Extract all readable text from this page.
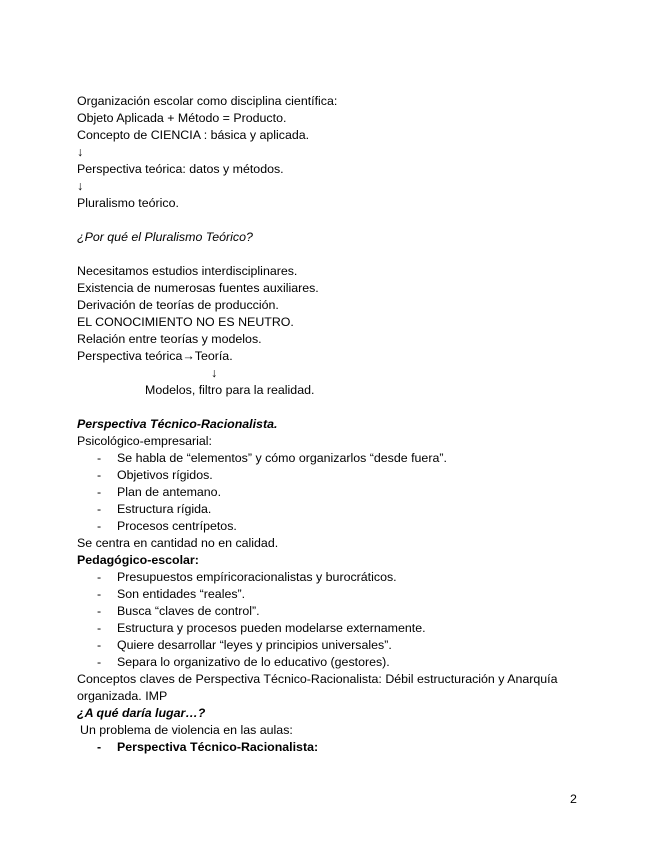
Organización escolar como disciplina científica:
Objeto Aplicada + Método = Producto.
Concepto de CIENCIA : básica y aplicada.
↓
Perspectiva teórica: datos y métodos.
↓
Pluralismo teórico.
¿Por qué el Pluralismo Teórico?
Necesitamos estudios interdisciplinares.
Existencia de numerosas fuentes auxiliares.
Derivación de teorías de producción.
EL CONOCIMIENTO NO ES NEUTRO.
Relación entre teorías y modelos.
Perspectiva teórica→Teoría.
↓
Modelos, filtro para la realidad.
Perspectiva Técnico-Racionalista.
Psicológico-empresarial:
- Se habla de “elementos” y cómo organizarlos “desde fuera”.
- Objetivos rígidos.
- Plan de antemano.
- Estructura rígida.
- Procesos centrípetos.
Se centra en cantidad no en calidad.
Pedagógico-escolar:
- Presupuestos empíricoracionalistas y burocráticos.
- Son entidades “reales”.
- Busca “claves de control”.
- Estructura y procesos pueden modelarse externamente.
- Quiere desarrollar “leyes y principios universales”.
- Separa lo organizativo de lo educativo (gestores).
Conceptos claves de Perspectiva Técnico-Racionalista: Débil estructuración y Anarquía organizada. IMP
¿A qué daría lugar…?
Un problema de violencia en las aulas:
- Perspectiva Técnico-Racionalista:
2
